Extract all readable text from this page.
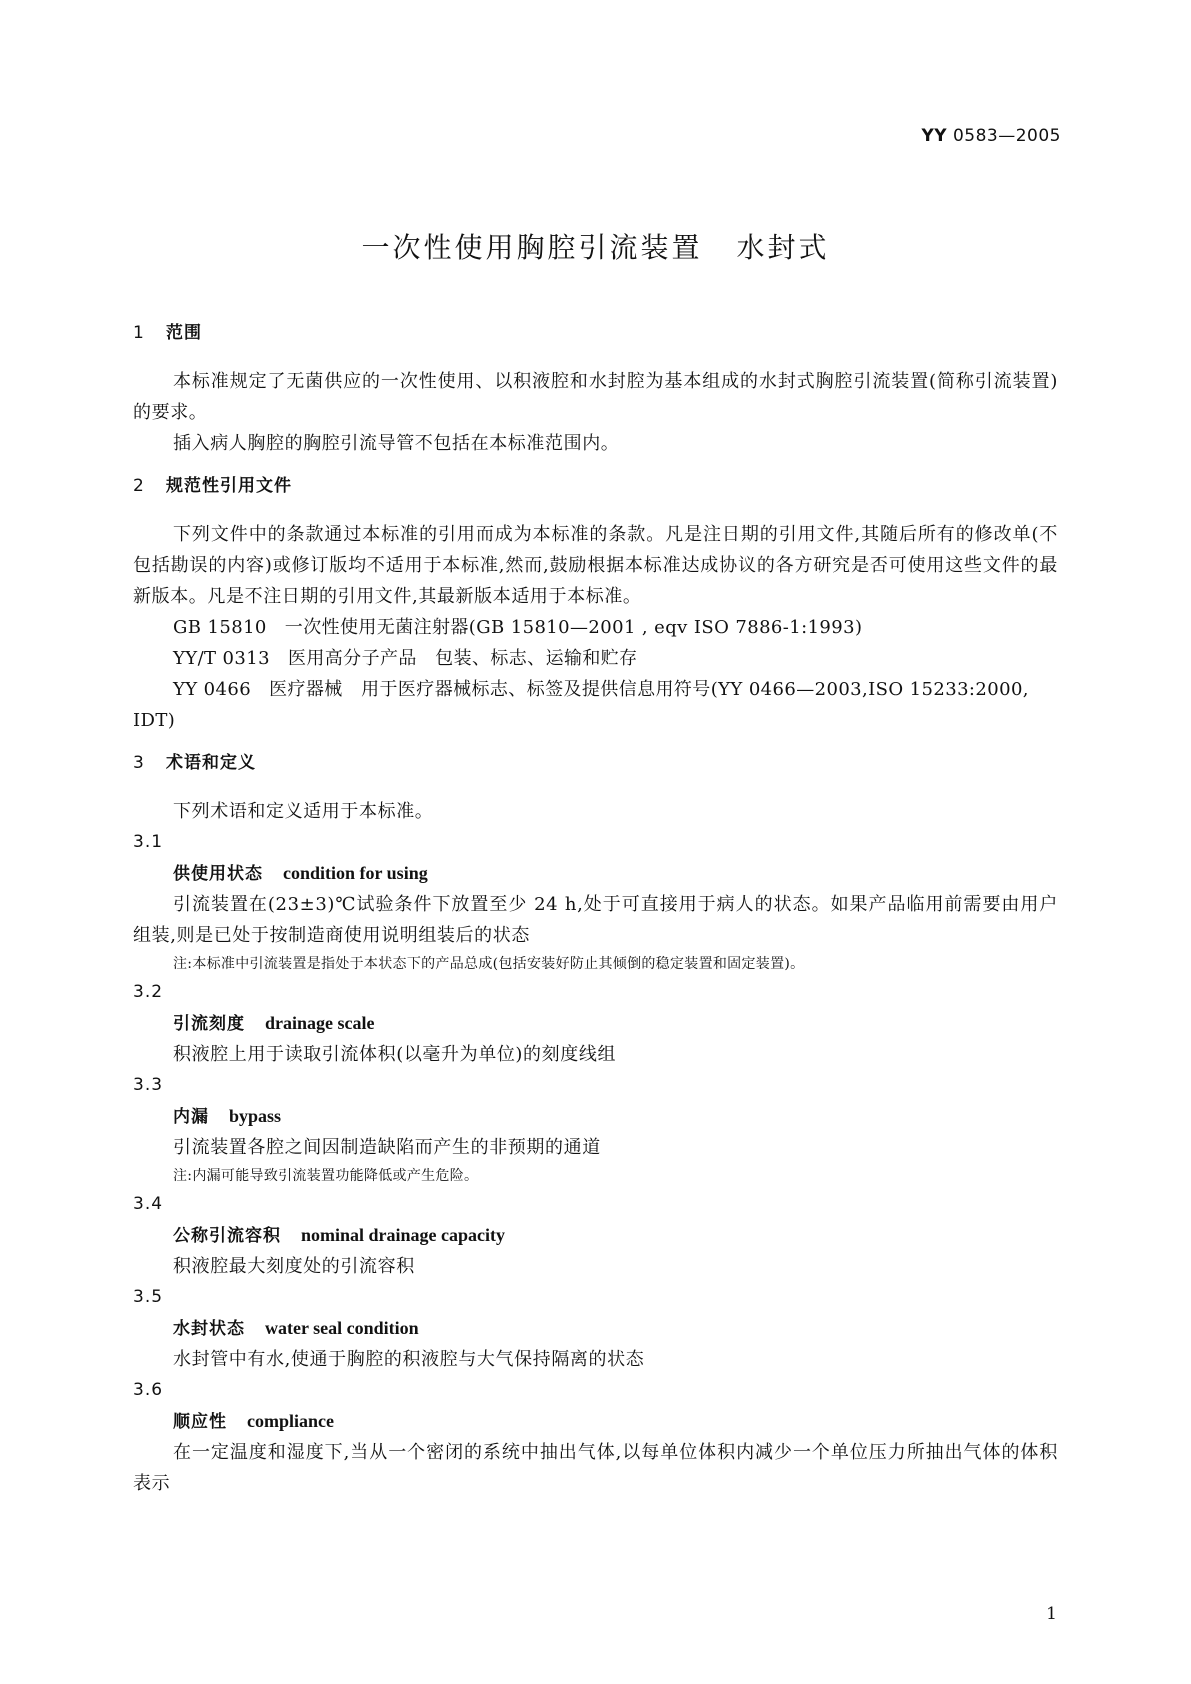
YY 0583—2005
一次性使用胸腔引流装置 水封式
1 范围
本标准规定了无菌供应的一次性使用、以积液腔和水封腔为基本组成的水封式胸腔引流装置(简称引流装置)的要求。
插入病人胸腔的胸腔引流导管不包括在本标准范围内。
2 规范性引用文件
下列文件中的条款通过本标准的引用而成为本标准的条款。凡是注日期的引用文件,其随后所有的修改单(不包括勘误的内容)或修订版均不适用于本标准,然而,鼓励根据本标准达成协议的各方研究是否可使用这些文件的最新版本。凡是不注日期的引用文件,其最新版本适用于本标准。
GB 15810 一次性使用无菌注射器(GB 15810—2001 , eqv ISO 7886-1:1993)
YY/T 0313 医用高分子产品　包装、标志、运输和贮存
YY 0466 医疗器械　用于医疗器械标志、标签及提供信息用符号(YY 0466—2003,ISO 15233:2000, IDT)
3 术语和定义
下列术语和定义适用于本标准。
3.1
供使用状态 condition for using
引流装置在(23±3)℃试验条件下放置至少 24 h,处于可直接用于病人的状态。如果产品临用前需要由用户组装,则是已处于按制造商使用说明组装后的状态
注:本标准中引流装置是指处于本状态下的产品总成(包括安装好防止其倾倒的稳定装置和固定装置)。
3.2
引流刻度 drainage scale
积液腔上用于读取引流体积(以毫升为单位)的刻度线组
3.3
内漏 bypass
引流装置各腔之间因制造缺陷而产生的非预期的通道
注:内漏可能导致引流装置功能降低或产生危险。
3.4
公称引流容积 nominal drainage capacity
积液腔最大刻度处的引流容积
3.5
水封状态 water seal condition
水封管中有水,使通于胸腔的积液腔与大气保持隔离的状态
3.6
顺应性 compliance
在一定温度和湿度下,当从一个密闭的系统中抽出气体,以每单位体积内减少一个单位压力所抽出气体的体积表示
1
